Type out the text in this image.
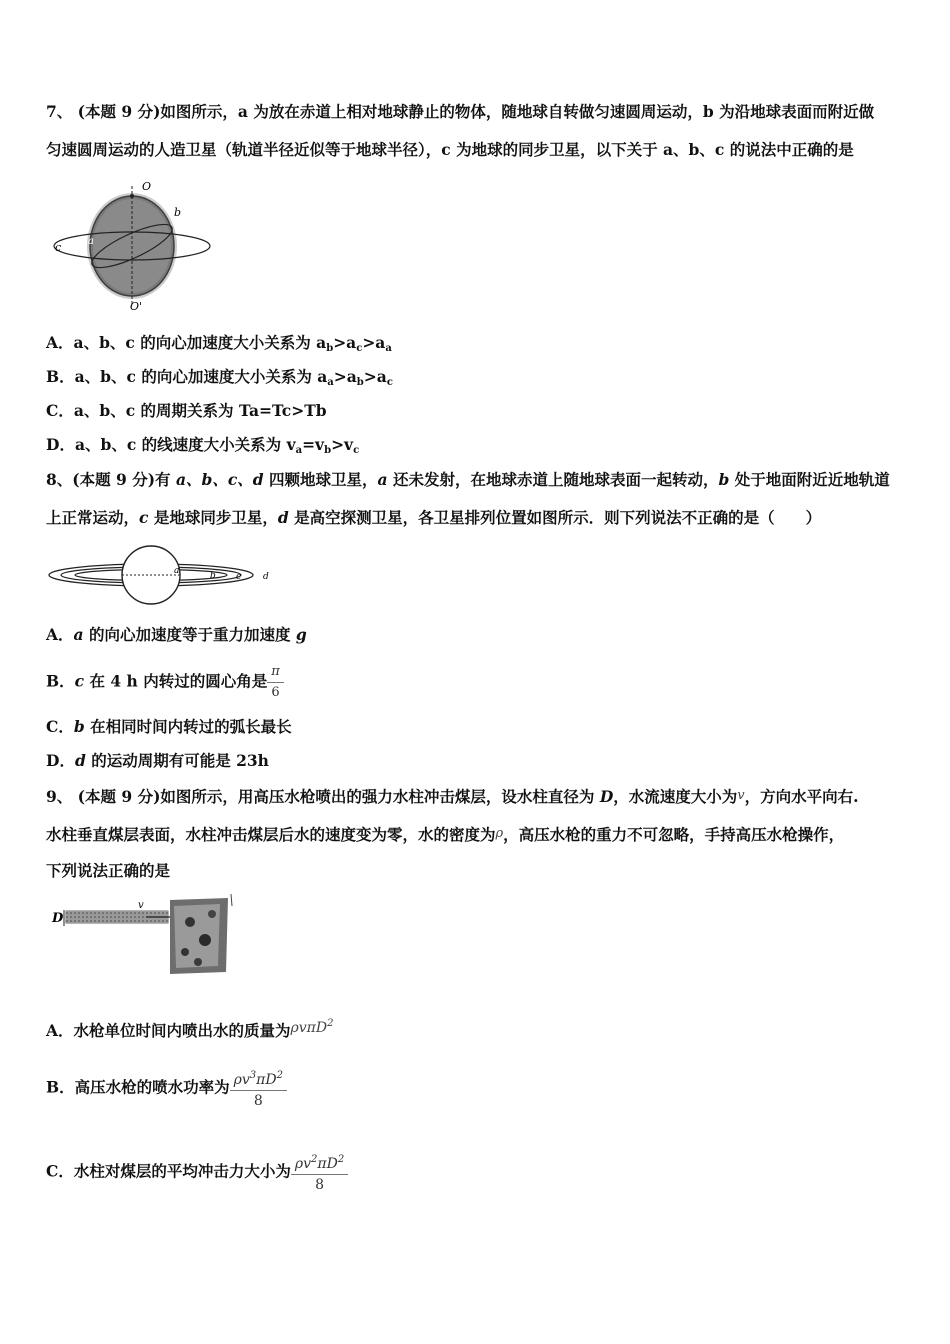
7、 (本题 9 分)如图所示，a 为放在赤道上相对地球静止的物体，随地球自转做匀速圆周运动，b 为沿地球表面而附近做
匀速圆周运动的人造卫星（轨道半径近似等于地球半径），c 为地球的同步卫星，以下关于 a、b、c 的说法中正确的是
O
b
c	a
O'
A．a、b、c 的向心加速度大小关系为 $a_b>a_c>a_a$
B．a、b、c 的向心加速度大小关系为 $a_a>a_b>a_c$
C．a、b、c 的周期关系为 Ta=Tc>Tb
D．a、b、c 的线速度大小关系为 $v_a=v_b>v_c$
8、(本题 9 分)有 a、b、c、d 四颗地球卫星，a 还未发射，在地球赤道上随地球表面一起转动，b 处于地面附近近地轨道
上正常运动，c 是地球同步卫星，d 是高空探测卫星，各卫星排列位置如图所示．则下列说法不正确的是（　　）
a	b c d
A．a 的向心加速度等于重力加速度 g
B．c 在 4 h 内转过的圆心角是 $\frac{\pi}{6}$
C．b 在相同时间内转过的弧长最长
D．d 的运动周期有可能是 23h
9、 (本题 9 分)如图所示，用高压水枪喷出的强力水柱冲击煤层，设水柱直径为 D，水流速度大小为v，方向水平向右.
水柱垂直煤层表面，水柱冲击煤层后水的速度变为零，水的密度为ρ，高压水枪的重力不可忽略，手持高压水枪操作，
下列说法正确的是
D
v
A．水枪单位时间内喷出水的质量为ρvπD$^2$
B．高压水枪的喷水功率为 $\frac{\rho v^3\pi D^2}{8}$
C．水柱对煤层的平均冲击力大小为 $\frac{\rho v^2\pi D^2}{8}$
